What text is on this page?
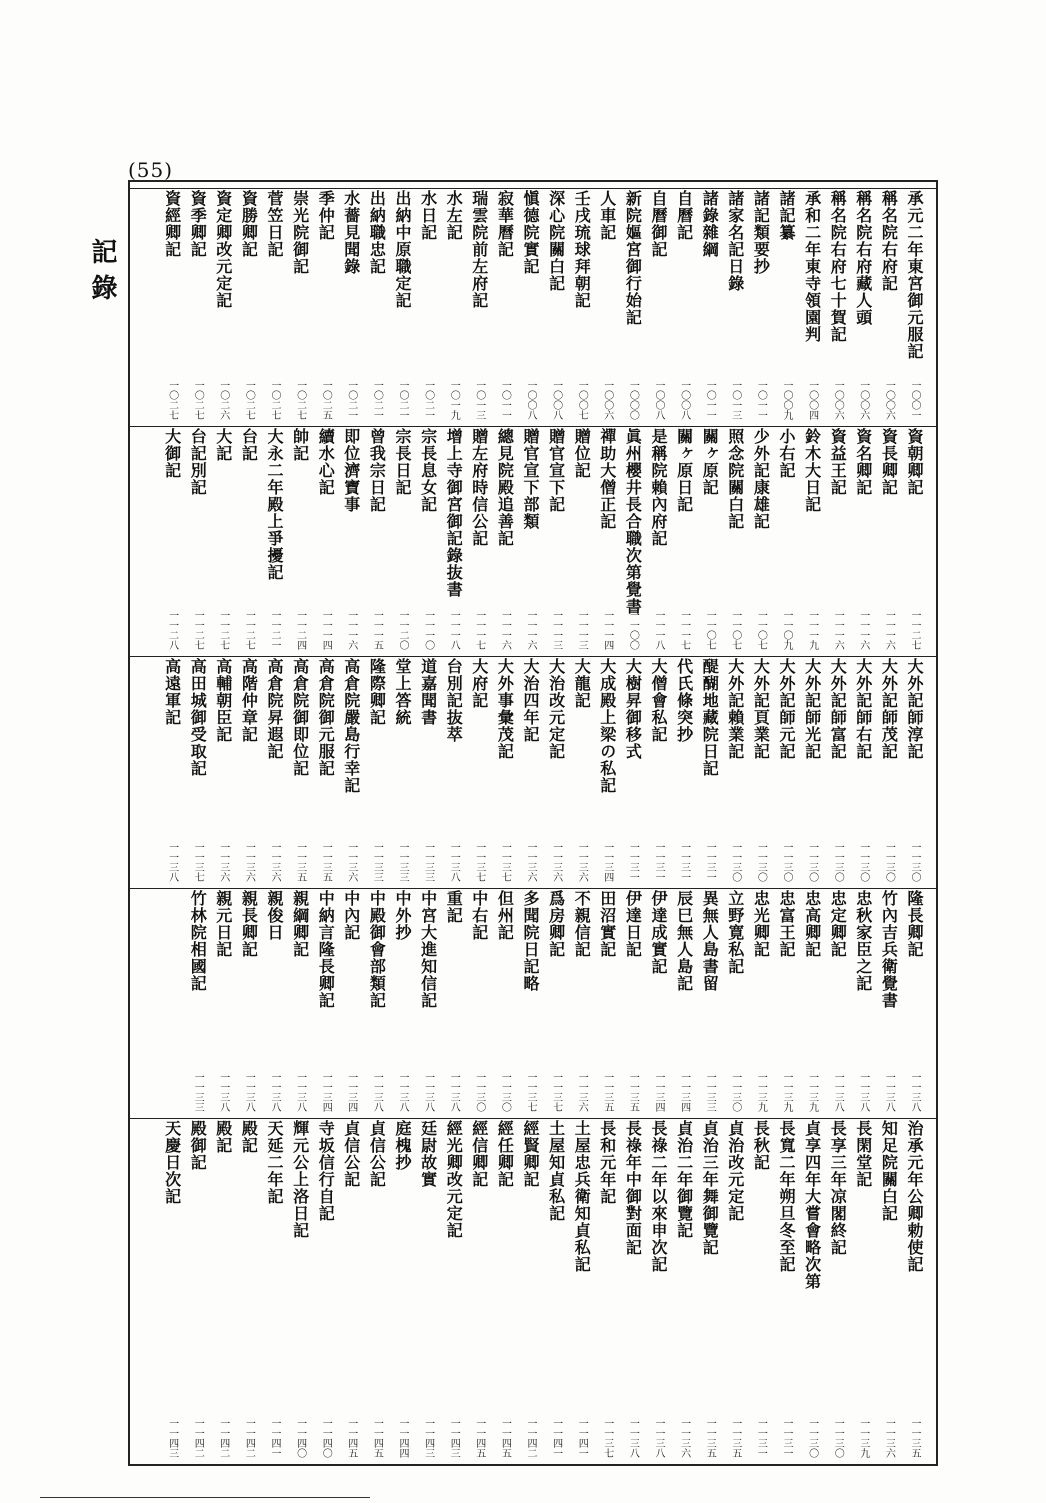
(55)
記錄	承元二年東宮御元服記
一〇〇一
稱名院右府記
一〇〇六
稱名院右府藏人頭
一〇〇六
稱名院右府七十賀記
一〇〇六
承和二年東寺領園判
一〇〇四
諸記纂
一〇〇九
諸記類要抄
一〇一一
諸家名記日錄
一〇一三
諸錄雜綱
一〇一一
自曆記
一〇〇八
自曆御記
一〇〇八
新院嫗宮御行始記
一〇〇〇
人車記
一〇〇六
壬戌琉球拜朝記
一〇〇七
深心院關白記
一〇〇八
愼德院實記
一〇〇八
寂華曆記
一〇一一
瑞雲院前左府記
一〇一三
水左記
一〇一九
水日記
一〇二一
出納中原職定記
一〇二一
出納職忠記
一〇二一
水薔見聞錄
一〇二一
季仲記
一〇二五
崇光院御記
一〇二七
菅笠日記
一〇二七
資勝卿記
一〇二七
資定卿改元定記
一〇二六
資季卿記
一〇二七
資經卿記
一〇二七
資朝卿記
一一二七
資長卿記
一一一六
資名卿記
一一一六
資益王記
一一一六
鈴木大日記
一一一九
小右記
一一〇九
少外記康雄記
一一〇七
照念院關白記
一一〇七
關ヶ原記
一一〇七
關ヶ原日記
一一一七
是稱院賴內府記
一一一八
眞州櫻井長合職次第覺書
一一〇〇
禪助大僧正記
一一一四
贈位記
一一一三
贈官宣下記
一一一三
贈官宣下部類
一一一六
總見院殿追善記
一一一六
贈左府時信公記
一一一七
增上寺御宮御記錄抜書
一一一八
宗長息女記
一一一〇
宗長日記
一一二〇
曾我宗日記
一一一五
即位濟寶事
一一一六
續水心記
一一一四
帥記
一一二四
大永二年殿上爭擾記
一一二一
台記
一一二七
大記
一一二七
台記別記
一一二七
大御記
一一二八
大外記師淳記
一一三〇
大外記師茂記
一一三〇
大外記師右記
一一三〇
大外記師富記
一一三〇
大外記師光記
一一三〇
大外記師元記
一一三〇
大外記頁業記
一一三〇
大外記賴業記
一一三〇
醍醐地藏院日記
一一三一
代氏條突抄
一一三一
大僧會私記
一一三一
大樹昇御移式
一一三一
大成殿上梁の私記
一一三四
大龍記
一一三六
大治改元定記
一一三六
大治四年記
一一三六
大外事彙茂記
一一三七
大府記
一一三七
台別記抜萃
一一三八
道嘉聞書
一一三三
堂上答統
一一三三
隆際卿記
一一三三
高倉院嚴島行幸記
一一三六
高倉院御元服記
一一三五
高倉院御即位記
一一三五
高倉院昇遐記
一一三六
高階仲章記
一一三六
高輔朝臣記
一一三六
高田城御受取記
一一三七
高遠軍記
一一三八
隆長卿記
一一三八
竹內吉兵衛覺書
一一三八
忠秋家臣之記
一一三八
忠定卿記
一一三八
忠高卿記
一一三九
忠富王記
一一三九
忠光卿記
一一三九
立野寛私記
一一三〇
異無人島書留
一一三三
辰巳無人島記
一一三四
伊達成實記
一一三四
伊達日記
一一三五
田沼實記
一一三五
不親信記
一一三六
爲房卿記
一一三七
多聞院日記略
一一三七
但州記
一一三〇
中右記
一一三〇
重記
一一三八
中宮大進知信記
一一三八
中外抄
一一三八
中殿御會部類記
一一三八
中內記
一一三四
中納言隆長卿記
一一三四
親綱卿記
一一三八
親俊日
一一三八
親長卿記
一一三八
親元日記
一一三八
竹林院相國記
一一三三
治承元年公卿勅使記
一一三五
知足院關白記
一一三六
長閑堂記
一一三九
長享三年凉閣終記
一一三〇
貞享四年大嘗會略次第
一一三〇
長寬二年朔旦冬至記
一一三一
長秋記
一一三一
貞治改元定記
一一三五
貞治三年舞御覽記
一一三五
貞治二年御覽記
一一三六
長祿二年以來申次記
一一三八
長祿年中御對面記
一一三八
長和元年記
一一三七
土屋忠兵衛知貞私記
一一四一
土屋知貞私記
一一四一
經賢卿記
一一四二
經任卿記
一一四五
經信卿記
一一四五
經光卿改元定記
一一四三
廷尉故實
一一四三
庭槐抄
一一四四
貞信公記
一一四五
貞信公記
一一四五
寺坂信行自記
一一四〇
輝元公上洛日記
一一四〇
天延二年記
一一四一
殿記
一一四二
殿記
一一四二
殿御記
一一四二
天慶日次記
一一四三
